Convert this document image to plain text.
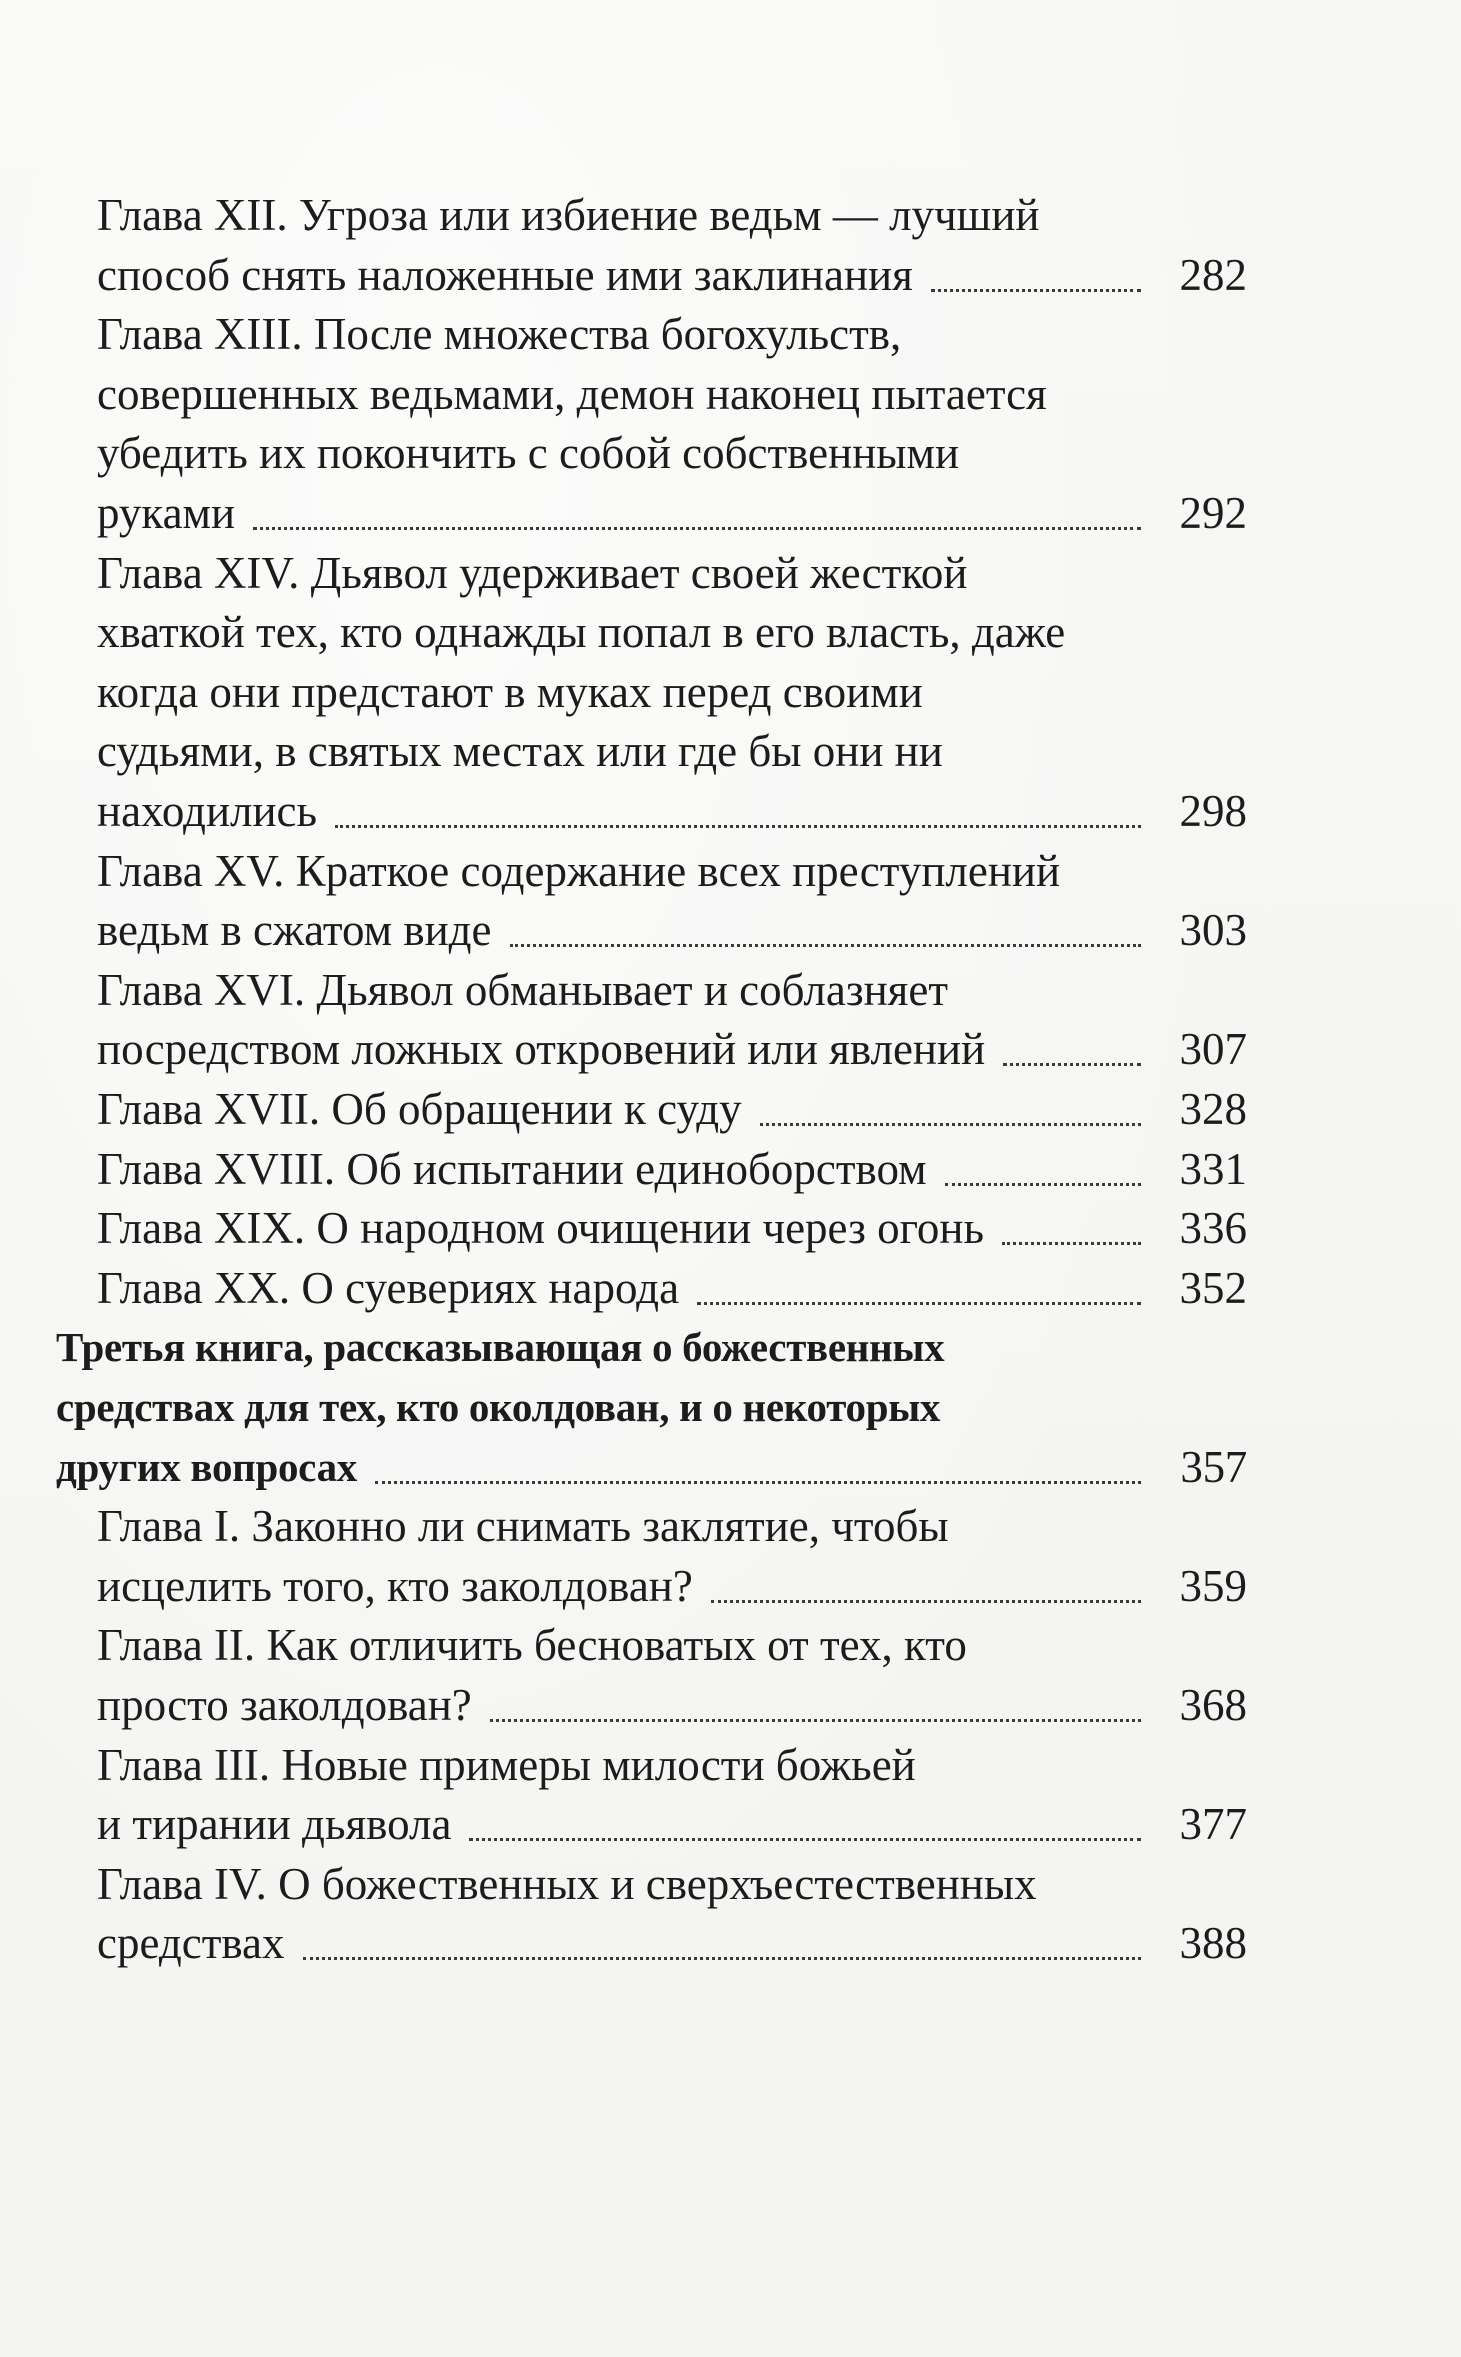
Глава XII. Угроза или избиение ведьм — лучший
способ снять наложенные ими заклинания	282
Глава XIII. После множества богохульств,
совершенных ведьмами, демон наконец пытается
убедить их покончить с собой собственными
руками	292
Глава XIV. Дьявол удерживает своей жесткой
хваткой тех, кто однажды попал в его власть, даже
когда они предстают в муках перед своими
судьями, в святых местах или где бы они ни
находились	298
Глава XV. Краткое содержание всех преступлений
ведьм в сжатом виде	303
Глава XVI. Дьявол обманывает и соблазняет
посредством ложных откровений или явлений	307
Глава XVII. Об обращении к суду	328
Глава XVIII. Об испытании единоборством	331
Глава XIX. О народном очищении через огонь	336
Глава XX. О суевериях народа	352
Третья книга, рассказывающая о божественных
средствах для тех, кто околдован, и о некоторых
других вопросах	357
Глава I. Законно ли снимать заклятие, чтобы
исцелить того, кто заколдован?	359
Глава II. Как отличить бесноватых от тех, кто
просто заколдован?	368
Глава III. Новые примеры милости божьей
и тирании дьявола	377
Глава IV. О божественных и сверхъестественных
средствах	388
